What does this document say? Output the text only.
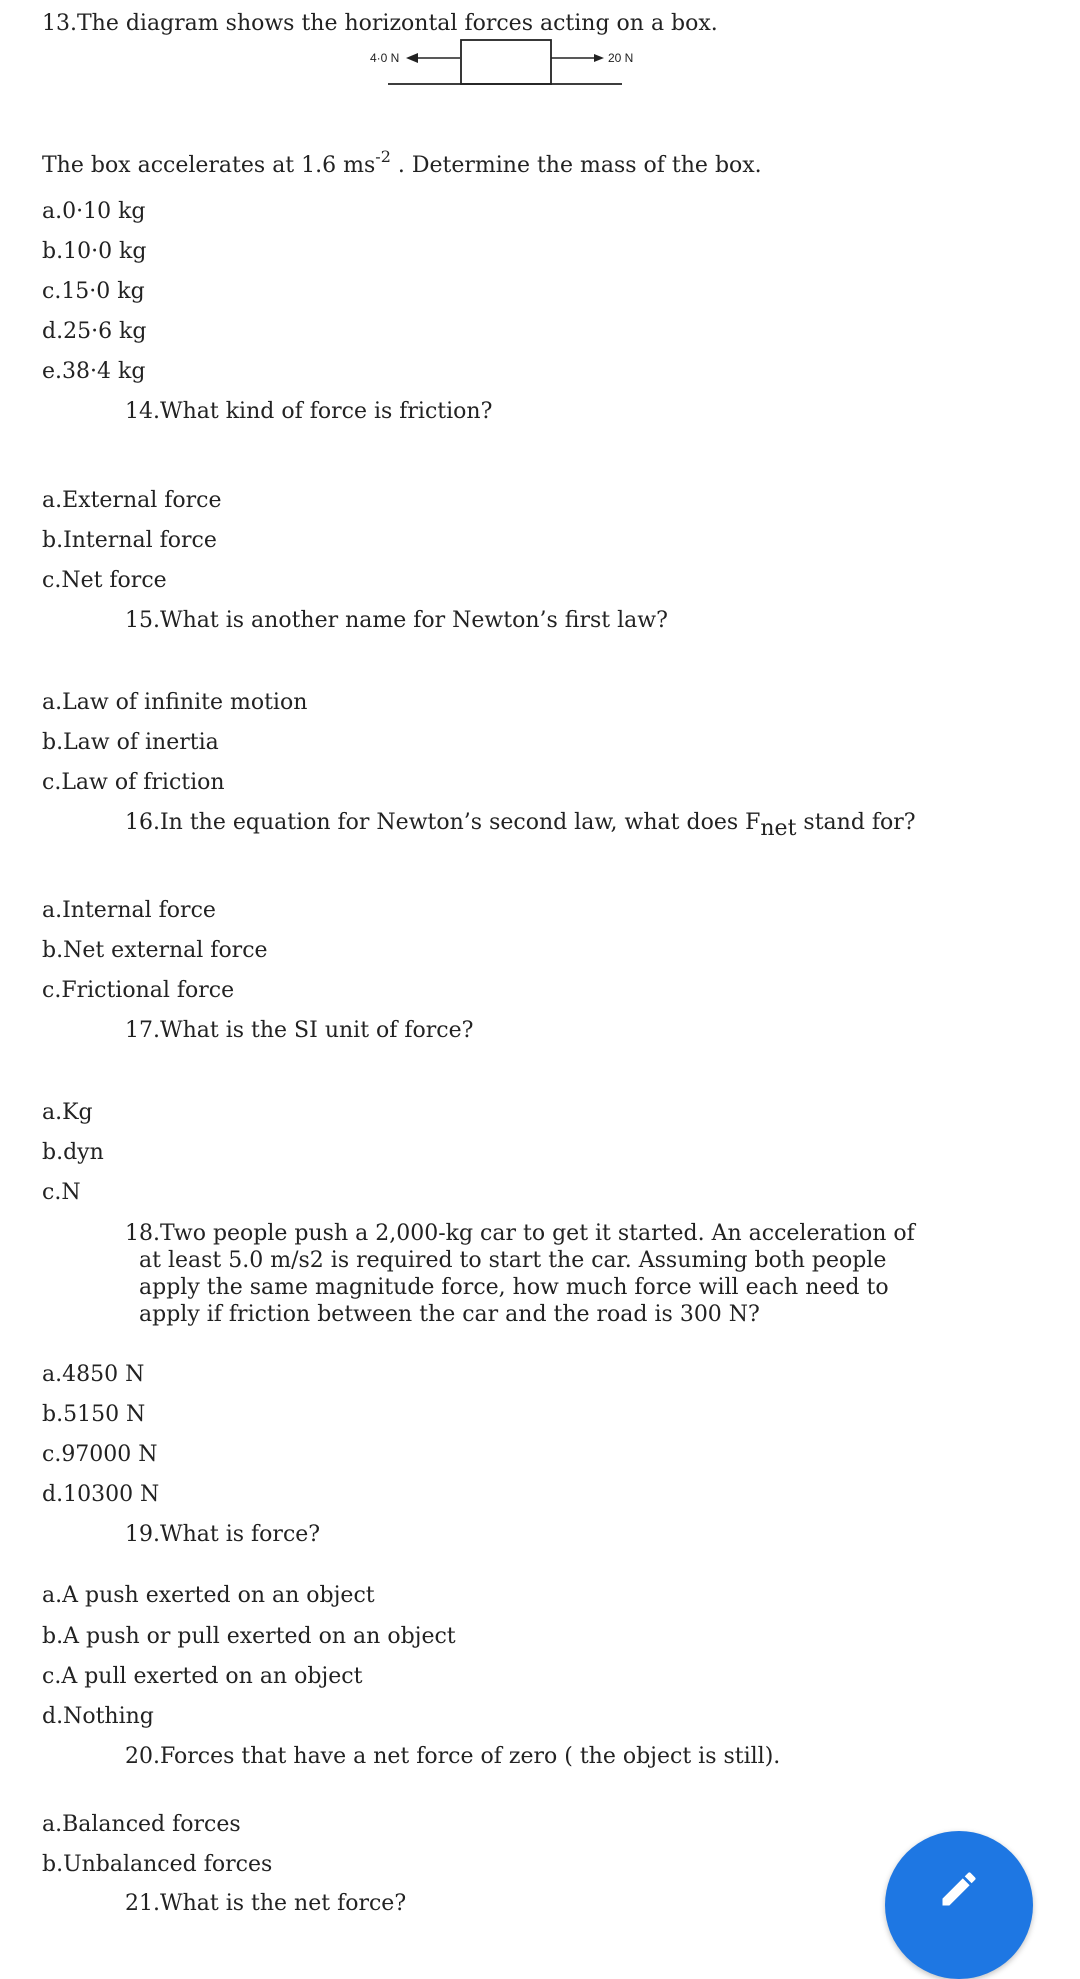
13.The diagram shows the horizontal forces acting on a box.

4·0 N	20 N

The box accelerates at 1.6 $ms^{-2}$ . Determine the mass of the box.

a.0·10 kg

b.10·0 kg

c.15·0 kg

d.25·6 kg

e.38·4 kg

14.What kind of force is friction?

a.External force

b.Internal force

c.Net force

15.What is another name for Newton’s first law?

a.Law of infinite motion

b.Law of inertia

c.Law of friction

16.In the equation for Newton’s second law, what does Fnet stand for?

a.Internal force

b.Net external force

c.Frictional force

17.What is the SI unit of force?

a.Kg

b.dyn

c.N

18.Two people push a 2,000-kg car to get it started. An acceleration of
at least 5.0 m/s2 is required to start the car. Assuming both people
apply the same magnitude force, how much force will each need to
apply if friction between the car and the road is 300 N?

a.4850 N

b.5150 N

c.97000 N

d.10300 N

19.What is force?

a.A push exerted on an object

b.A push or pull exerted on an object

c.A pull exerted on an object

d.Nothing

20.Forces that have a net force of zero ( the object is still).

a.Balanced forces

b.Unbalanced forces

21.What is the net force?
